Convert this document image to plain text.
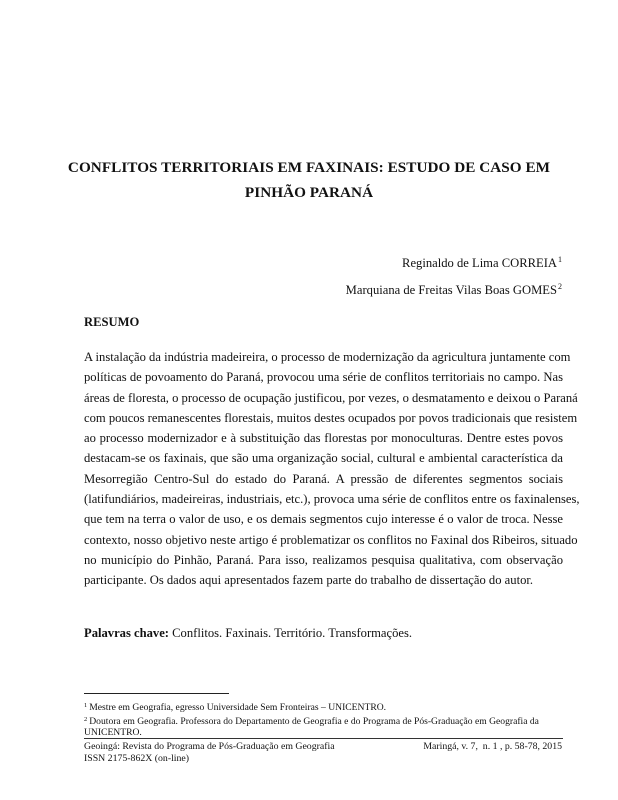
CONFLITOS TERRITORIAIS EM FAXINAIS: ESTUDO DE CASO EM
PINHÃO PARANÁ
Reginaldo de Lima CORREIA$^1$
Marquiana de Freitas Vilas Boas GOMES$^2$
RESUMO
A instalação da indústria madeireira, o processo de modernização da agricultura juntamente com
políticas de povoamento do Paraná, provocou uma série de conflitos territoriais no campo. Nas
áreas de floresta, o processo de ocupação justificou, por vezes, o desmatamento e deixou o Paraná
com poucos remanescentes florestais, muitos destes ocupados por povos tradicionais que resistem
ao processo modernizador e à substituição das florestas por monoculturas. Dentre estes povos
destacam-se os faxinais, que são uma organização social, cultural e ambiental característica da
Mesorregião Centro-Sul do estado do Paraná. A pressão de diferentes segmentos sociais
(latifundiários, madeireiras, industriais, etc.), provoca uma série de conflitos entre os faxinalenses,
que tem na terra o valor de uso, e os demais segmentos cujo interesse é o valor de troca. Nesse
contexto, nosso objetivo neste artigo é problematizar os conflitos no Faxinal dos Ribeiros, situado
no município do Pinhão, Paraná. Para isso, realizamos pesquisa qualitativa, com observação
participante. Os dados aqui apresentados fazem parte do trabalho de dissertação do autor.
Palavras chave: Conflitos. Faxinais. Território. Transformações.
$^1$ Mestre em Geografia, egresso Universidade Sem Fronteiras – UNICENTRO.
$^2$ Doutora em Geografia. Professora do Departamento de Geografia e do Programa de Pós-Graduação em Geografia da UNICENTRO.
Geoingá: Revista do Programa de Pós-Graduação em Geografia	Maringá, v. 7,  n. 1 , p. 58-78, 2015
ISSN 2175-862X (on-line)
